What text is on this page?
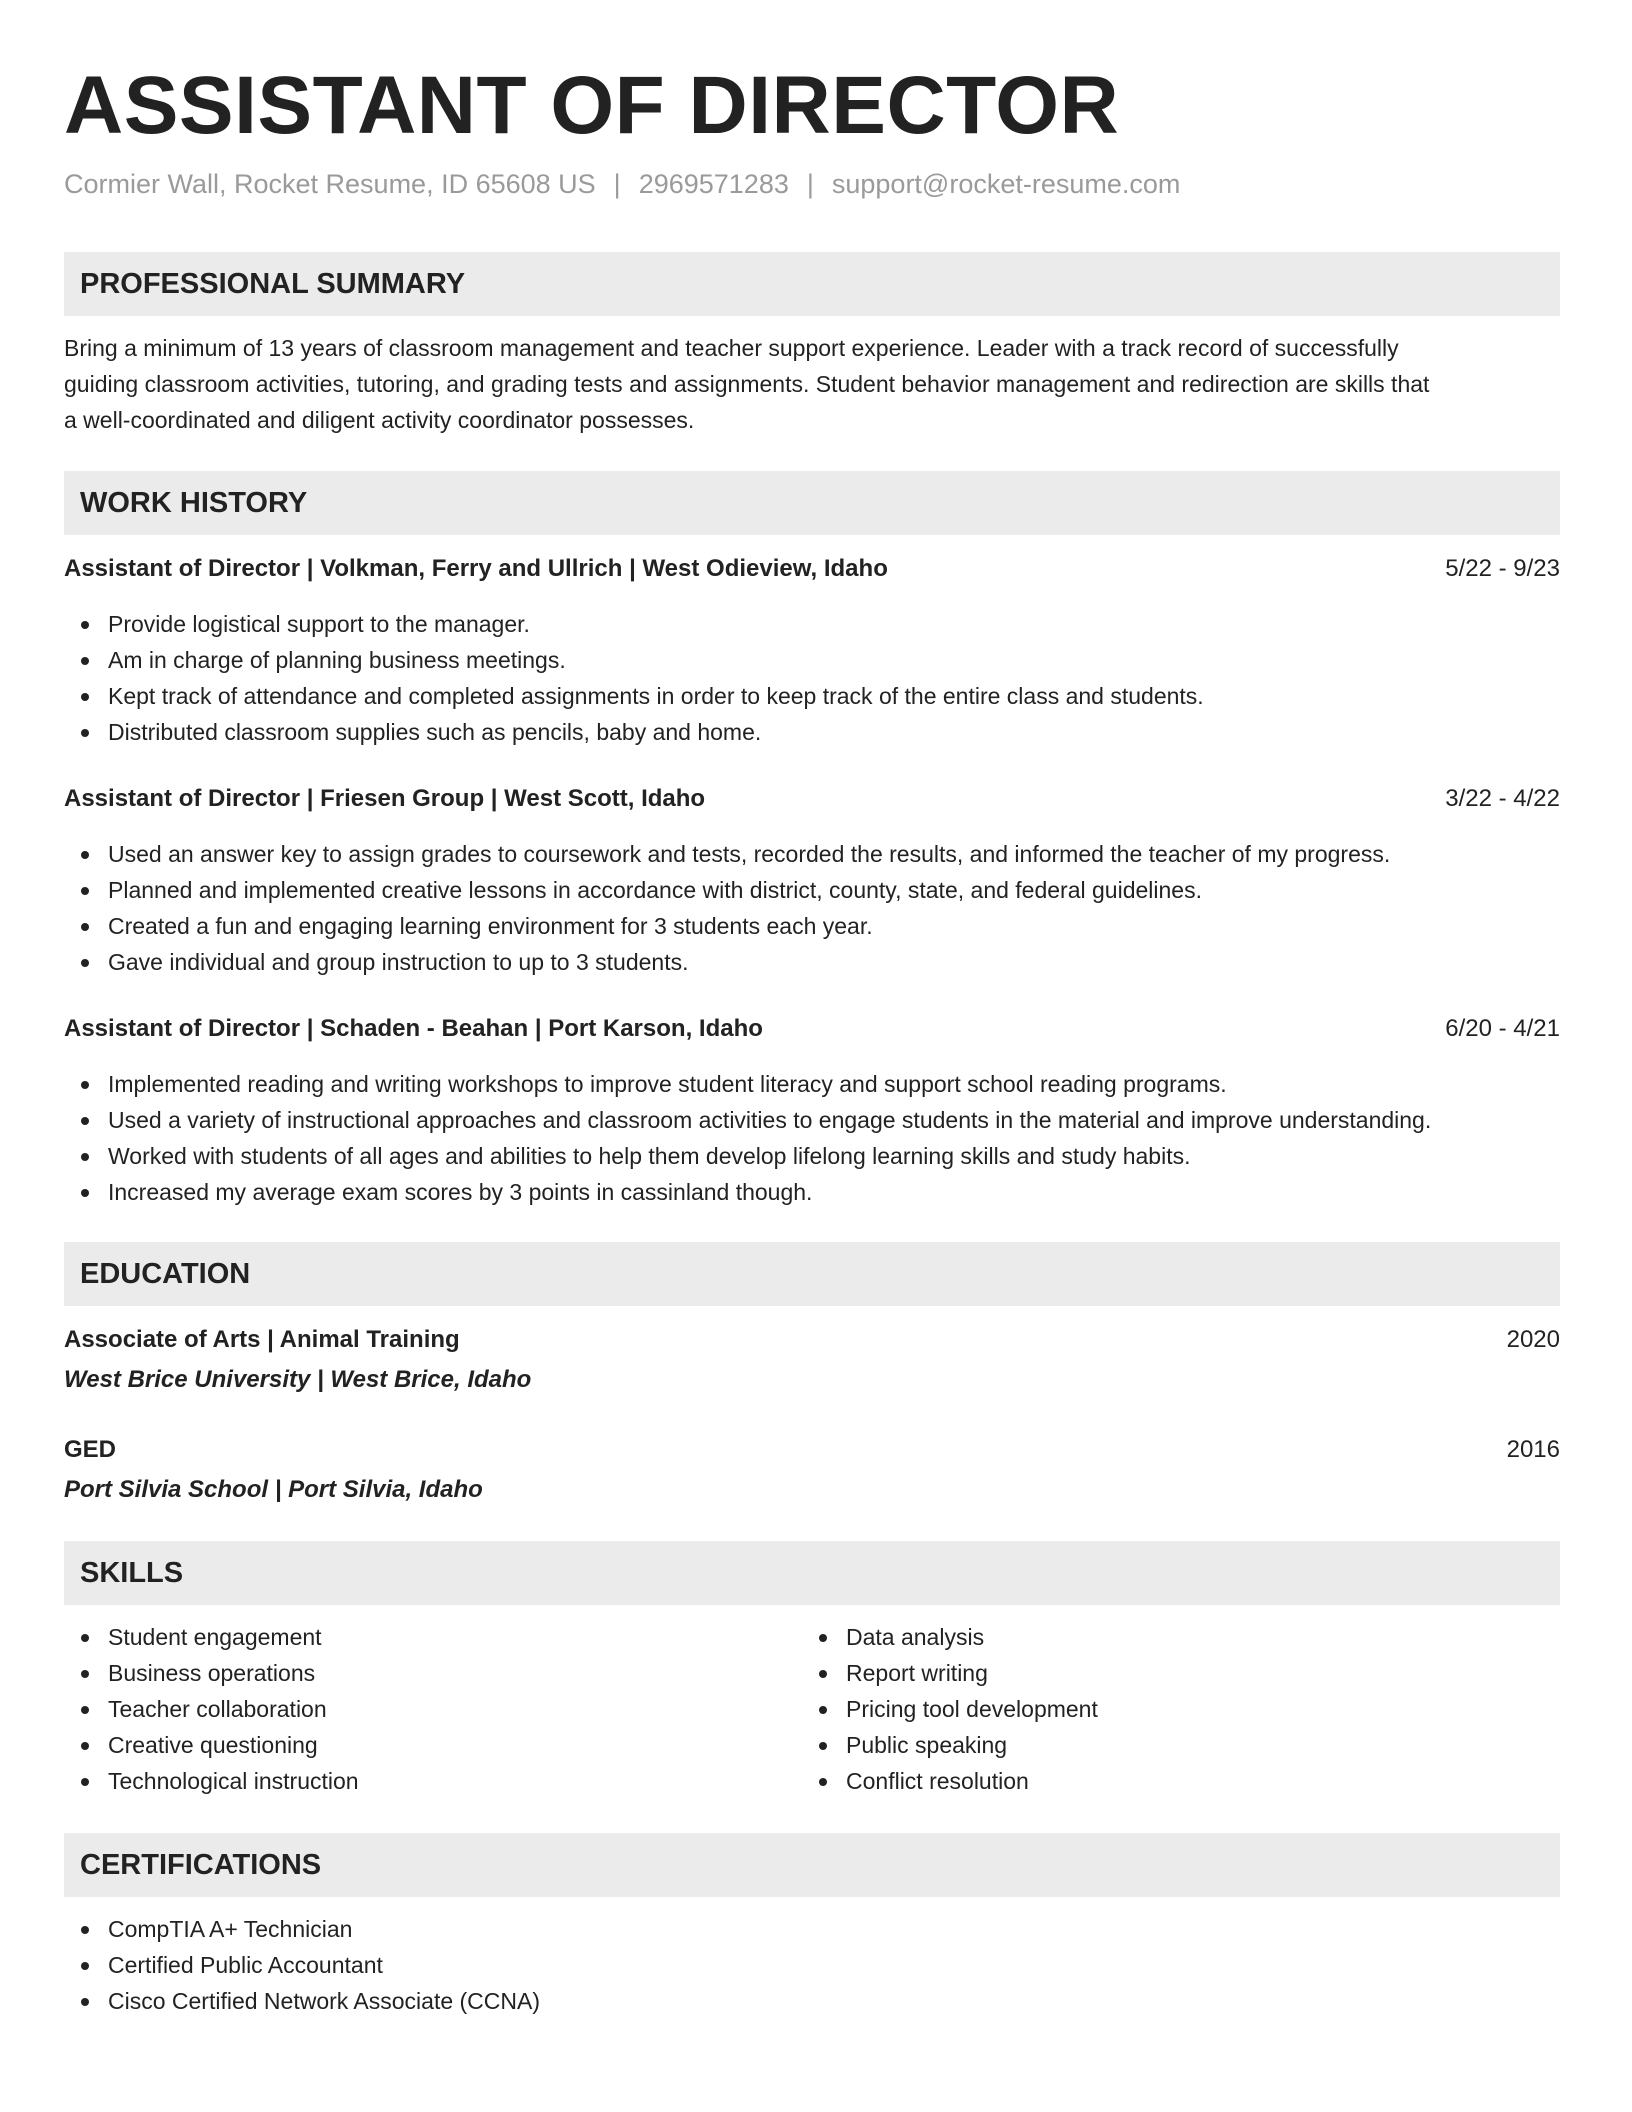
ASSISTANT OF DIRECTOR
Cormier Wall, Rocket Resume, ID 65608 US | 2969571283 | support@rocket-resume.com
PROFESSIONAL SUMMARY
Bring a minimum of 13 years of classroom management and teacher support experience. Leader with a track record of successfully
guiding classroom activities, tutoring, and grading tests and assignments. Student behavior management and redirection are skills that
a well-coordinated and diligent activity coordinator possesses.
WORK HISTORY
Assistant of Director | Volkman, Ferry and Ullrich | West Odieview, Idaho	5/22 - 9/23
Provide logistical support to the manager.
Am in charge of planning business meetings.
Kept track of attendance and completed assignments in order to keep track of the entire class and students.
Distributed classroom supplies such as pencils, baby and home.
Assistant of Director | Friesen Group | West Scott, Idaho	3/22 - 4/22
Used an answer key to assign grades to coursework and tests, recorded the results, and informed the teacher of my progress.
Planned and implemented creative lessons in accordance with district, county, state, and federal guidelines.
Created a fun and engaging learning environment for 3 students each year.
Gave individual and group instruction to up to 3 students.
Assistant of Director | Schaden - Beahan | Port Karson, Idaho	6/20 - 4/21
Implemented reading and writing workshops to improve student literacy and support school reading programs.
Used a variety of instructional approaches and classroom activities to engage students in the material and improve understanding.
Worked with students of all ages and abilities to help them develop lifelong learning skills and study habits.
Increased my average exam scores by 3 points in cassinland though.
EDUCATION
Associate of Arts | Animal Training	2020
West Brice University | West Brice, Idaho
GED	2016
Port Silvia School | Port Silvia, Idaho
SKILLS
Student engagement
Business operations
Teacher collaboration
Creative questioning
Technological instruction
Data analysis
Report writing
Pricing tool development
Public speaking
Conflict resolution
CERTIFICATIONS
CompTIA A+ Technician
Certified Public Accountant
Cisco Certified Network Associate (CCNA)
